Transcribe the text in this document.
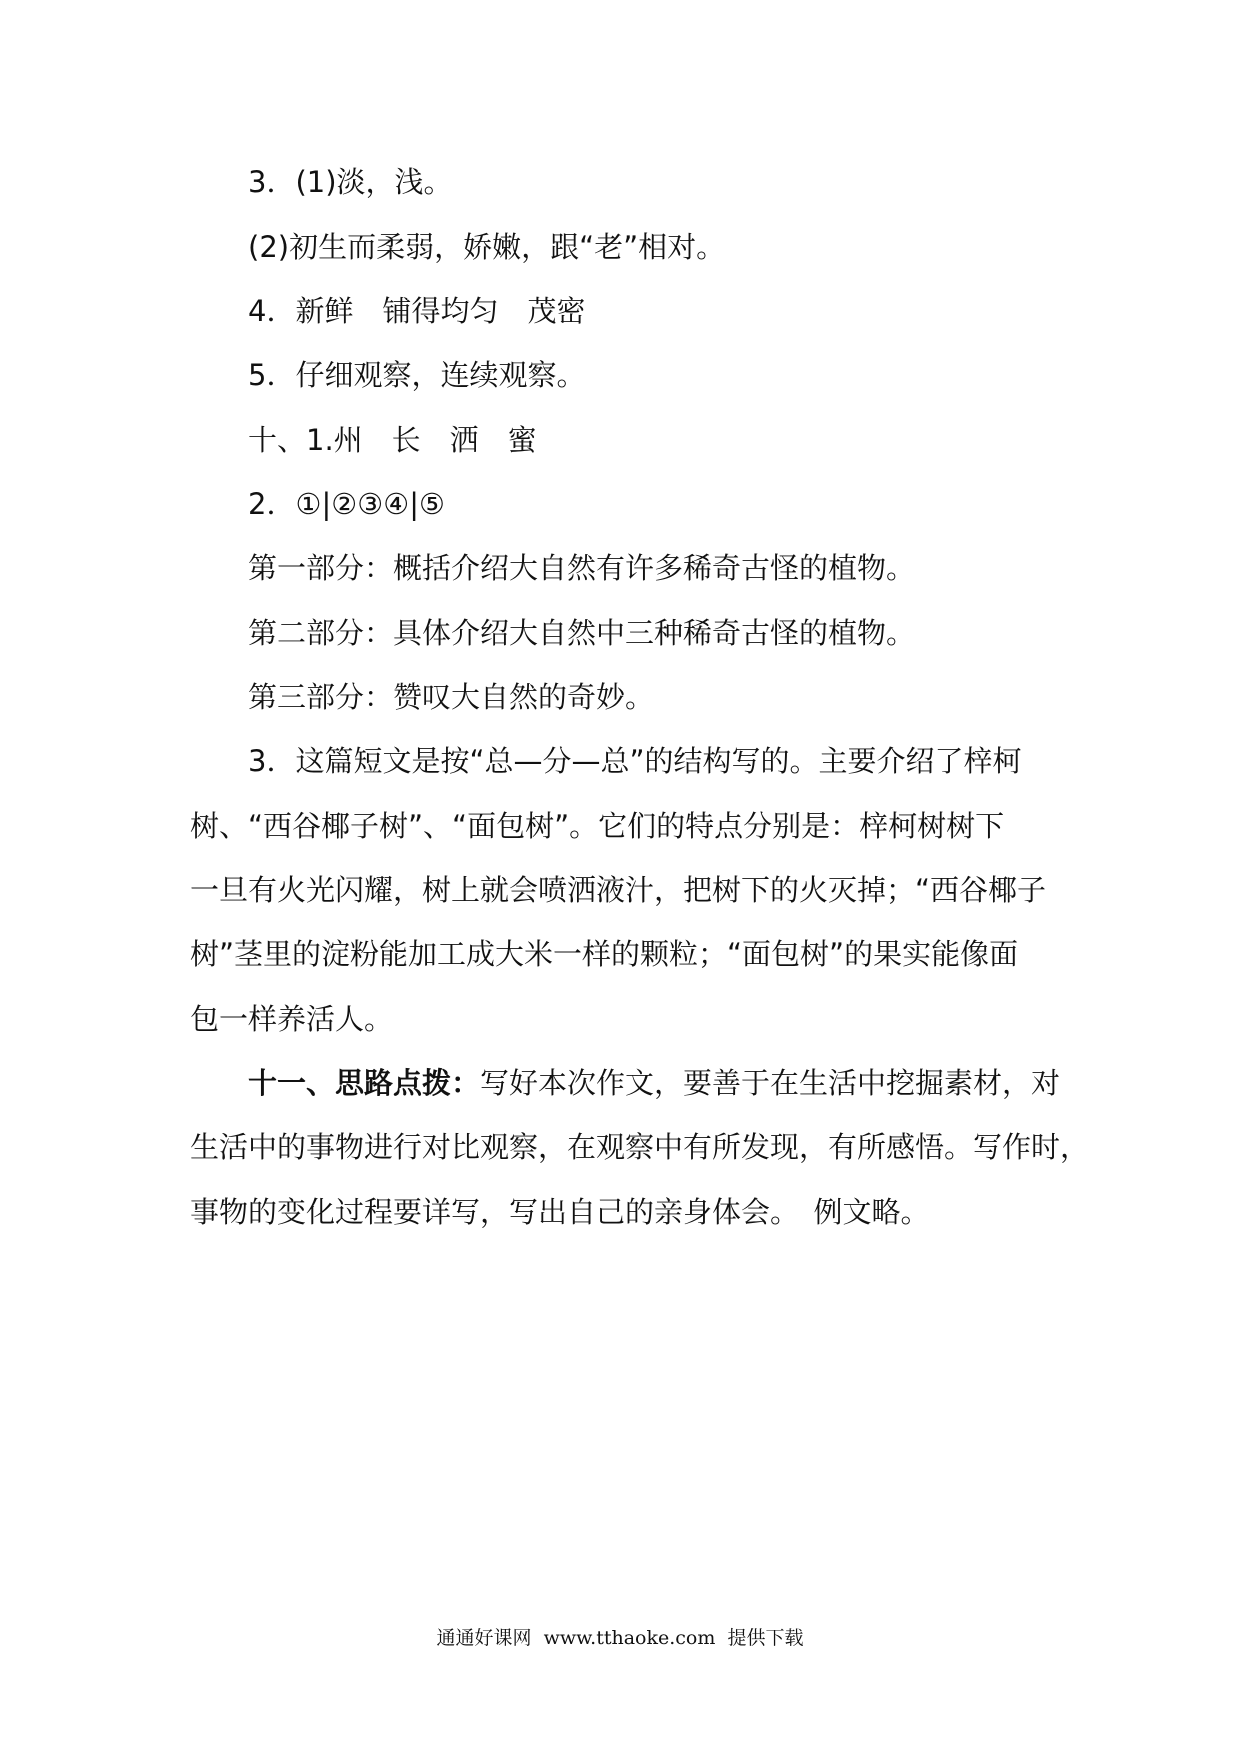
3．(1)淡，浅。
(2)初生而柔弱，娇嫩，跟“老”相对。
4．新鲜　铺得均匀　茂密
5．仔细观察，连续观察。
十、1.州　长　洒　蜜
2．①|②③④|⑤
第一部分：概括介绍大自然有许多稀奇古怪的植物。
第二部分：具体介绍大自然中三种稀奇古怪的植物。
第三部分：赞叹大自然的奇妙。
3．这篇短文是按“总—分—总”的结构写的。主要介绍了梓柯
树、“西谷椰子树”、“面包树”。它们的特点分别是：梓柯树树下
一旦有火光闪耀，树上就会喷洒液汁，把树下的火灭掉；“西谷椰子
树”茎里的淀粉能加工成大米一样的颗粒；“面包树”的果实能像面
包一样养活人。
十一、思路点拨：写好本次作文，要善于在生活中挖掘素材，对
生活中的事物进行对比观察，在观察中有所发现，有所感悟。写作时，
事物的变化过程要详写，写出自己的亲身体会。　例文略。
通通好课网  www.tthaoke.com  提供下载
